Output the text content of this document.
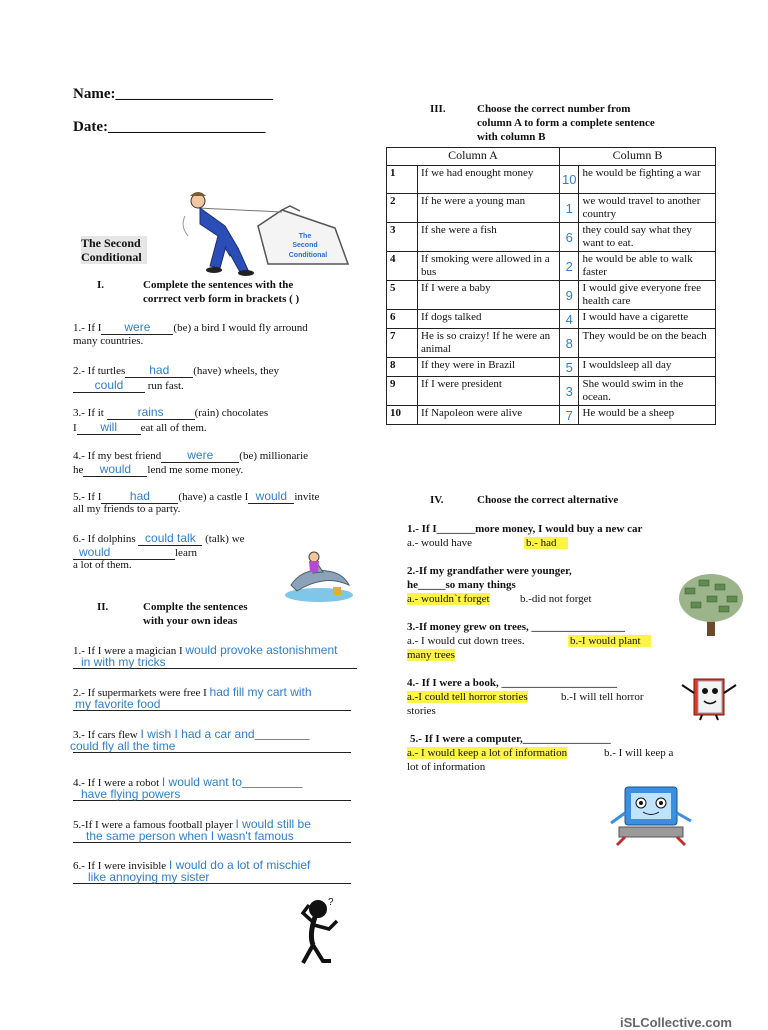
Name:_____________________
Date:_____________________
The
Second
Conditional
The Second Conditional
I.	Complete the sentences with the
corrrect verb form in brackets ( )
1.- If I were (be) a bird I would fly arround
many countries.
2.- If turtles had (have) wheels, they
could run fast.
3.- If it	rains	(rain) chocolates
I will eat all of them.
4.- If my best friend were (be) millionarie
he would lend me some money.
5.- If I had	(have) a castle I would invite
all my friends to a party.
6.- If dolphins could talk (talk) we
would	learn
a lot of them.
II.	Complte the sentences
with your own ideas
1.- If I were a magician I would provoke astonishment
in with my tricks
2.- If supermarkets were free I had fill my cart with
my favorite food
3.- If cars flew I wish I had a car and__________
could fly all the time
4.- If I were a robot I would want to___________
have flying powers
5.-If I were a famous football player I would still be
the same person when I wasn't famous
6.- If I were invisible I would do a lot of mischief
like annoying my sister
?
III.	Choose the correct number from
column A to form a complete sentence
with column B
Column A		Column B	
1	If we had enought money	10	he would be fighting a war
2	If he were a young man	1	we would travel to another country
3	If she were a fish	6	they could say what they want to eat.
4	If smoking were allowed in a bus	2	he would be able to walk faster
5	If I were a baby	9	I would give everyone free health care
6	If dogs talked	4	I would have a cigarette
7	He is so craizy! If he were an animal	8	They would be on the beach
8	If they were in Brazil	5	I wouldsleep all day
9	If I were president	3	She would swim in the ocean.
10	If Napoleon were alive	7	He would be a sheep
IV.	Choose the correct alternative
1.- If I_______more money, I would buy a new car
a.- would have	b.- had
2.-If my grandfather were younger,
he_____so many things
a.- wouldn`t forget	b.-did not forget
3.-If money grew on trees, _________________
a.- I would cut down trees.	b.-I would plant
many trees
4.- If I were a book, _____________________
a.-I could tell horror stories	b.-I will tell horror
stories
5.- If I were a computer,________________
a.- I would keep a lot of information	b.- I will keep a
lot of information
iSLCollective.com
